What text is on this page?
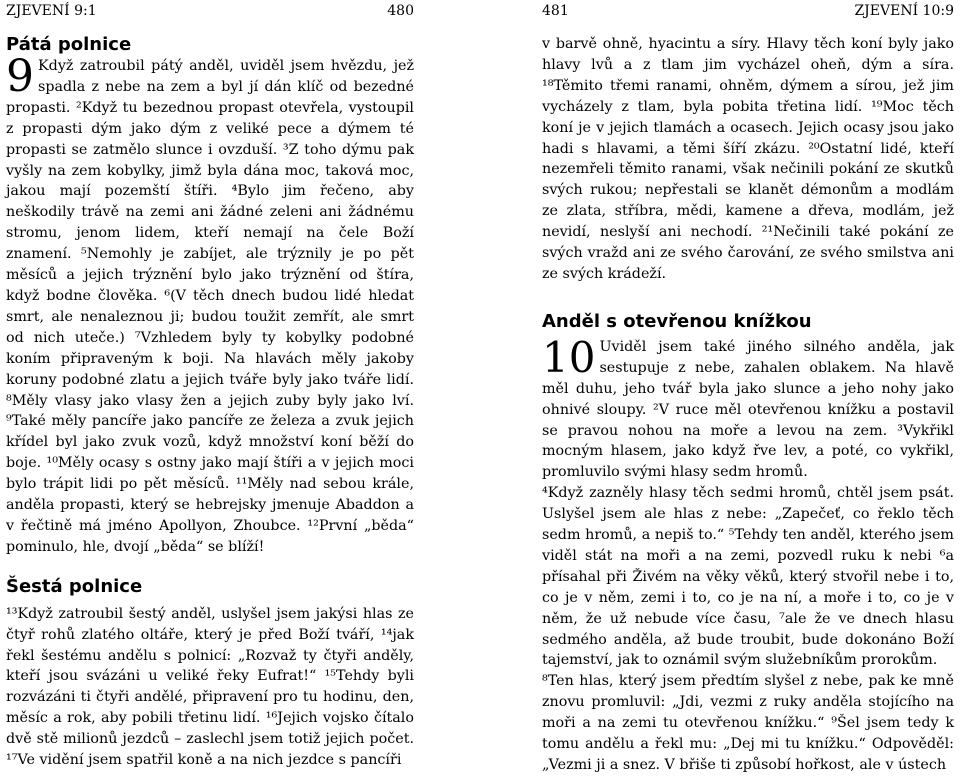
ZJEVENÍ 9:1	480
Pátá polnice

9 Když zatroubil pátý anděl, uviděl jsem hvězdu, jež spadla z nebe na zem a byl jí dán klíč od bezedné propasti. ²Když tu bezednou propast otevřela, vystoupil z propasti dým jako dým z veliké pece a dýmem té propasti se zatmělo slunce i ovzduší. ³Z toho dýmu pak vyšly na zem kobylky, jimž byla dána moc, taková moc, jakou mají pozemští štíři. ⁴Bylo jim řečeno, aby neškodily trávě na zemi ani žádné zeleni ani žádnému stromu, jenom lidem, kteří nemají na čele Boží znamení. ⁵Nemohly je zabíjet, ale trýznily je po pět měsíců a jejich trýznění bylo jako trýznění od štíra, když bodne člověka. ⁶(V těch dnech budou lidé hledat smrt, ale nenaleznou ji; budou toužit zemřít, ale smrt od nich uteče.) ⁷Vzhledem byly ty kobylky podobné koním připraveným k boji. Na hlavách měly jakoby koruny podobné zlatu a jejich tváře byly jako tváře lidí. ⁸Měly vlasy jako vlasy žen a jejich zuby byly jako lví. ⁹Také měly pancíře jako pancíře ze železa a zvuk jejich křídel byl jako zvuk vozů, když množství koní běží do boje. ¹⁰Měly ocasy s ostny jako mají štíři a v jejich moci bylo trápit lidi po pět měsíců. ¹¹Měly nad sebou krále, anděla propasti, který se hebrejsky jmenuje Abaddon a v řečtině má jméno Apollyon, Zhoubce. ¹²První „běda“ pominulo, hle, dvojí „běda“ se blíží!

Šestá polnice

¹³Když zatroubil šestý anděl, uslyšel jsem jakýsi hlas ze čtyř rohů zlatého oltáře, který je před Boží tváří, ¹⁴jak řekl šestému andělu s polnicí: „Rozvaž ty čtyři anděly, kteří jsou svázáni u veliké řeky Eufrat!“ ¹⁵Tehdy byli rozvázáni ti čtyři andělé, připravení pro tu hodinu, den, měsíc a rok, aby pobili třetinu lidí. ¹⁶Jejich vojsko čítalo dvě stě milionů jezdců – zaslechl jsem totiž jejich počet. ¹⁷Ve vidění jsem spatřil koně a na nich jezdce s pancíři

481	ZJEVENÍ 10:9

v barvě ohně, hyacintu a síry. Hlavy těch koní byly jako hlavy lvů a z tlam jim vycházel oheň, dým a síra. ¹⁸Těmito třemi ranami, ohněm, dýmem a sírou, jež jim vycházely z tlam, byla pobita třetina lidí. ¹⁹Moc těch koní je v jejich tlamách a ocasech. Jejich ocasy jsou jako hadi s hlavami, a těmi šíří zkázu. ²⁰Ostatní lidé, kteří nezemřeli těmito ranami, však nečinili pokání ze skutků svých rukou; nepřestali se klanět démonům a modlám ze zlata, stříbra, mědi, kamene a dřeva, modlám, jež nevidí, neslyší ani nechodí. ²¹Nečinili také pokání ze svých vražd ani ze svého čarování, ze svého smilstva ani ze svých krádeží.

Anděl s otevřenou knížkou

10 Uviděl jsem také jiného silného anděla, jak sestupuje z nebe, zahalen oblakem. Na hlavě měl duhu, jeho tvář byla jako slunce a jeho nohy jako ohnivé sloupy. ²V ruce měl otevřenou knížku a postavil se pravou nohou na moře a levou na zem. ³Vykřikl mocným hlasem, jako když řve lev, a poté, co vykřikl, promluvilo svými hlasy sedm hromů.

⁴Když zazněly hlasy těch sedmi hromů, chtěl jsem psát. Uslyšel jsem ale hlas z nebe: „Zapečeť, co řeklo těch sedm hromů, a nepiš to.“ ⁵Tehdy ten anděl, kterého jsem viděl stát na moři a na zemi, pozvedl ruku k nebi ⁶a přísahal při Živém na věky věků, který stvořil nebe i to, co je v něm, zemi i to, co je na ní, a moře i to, co je v něm, že už nebude více času, ⁷ale že ve dnech hlasu sedmého anděla, až bude troubit, bude dokonáno Boží tajemství, jak to oznámil svým služebníkům prorokům.

⁸Ten hlas, který jsem předtím slyšel z nebe, pak ke mně znovu promluvil: „Jdi, vezmi z ruky anděla stojícího na moři a na zemi tu otevřenou knížku.“ ⁹Šel jsem tedy k tomu andělu a řekl mu: „Dej mi tu knížku.“ Odpověděl: „Vezmi ji a snez. V břiše ti způsobí hořkost, ale v ústech
